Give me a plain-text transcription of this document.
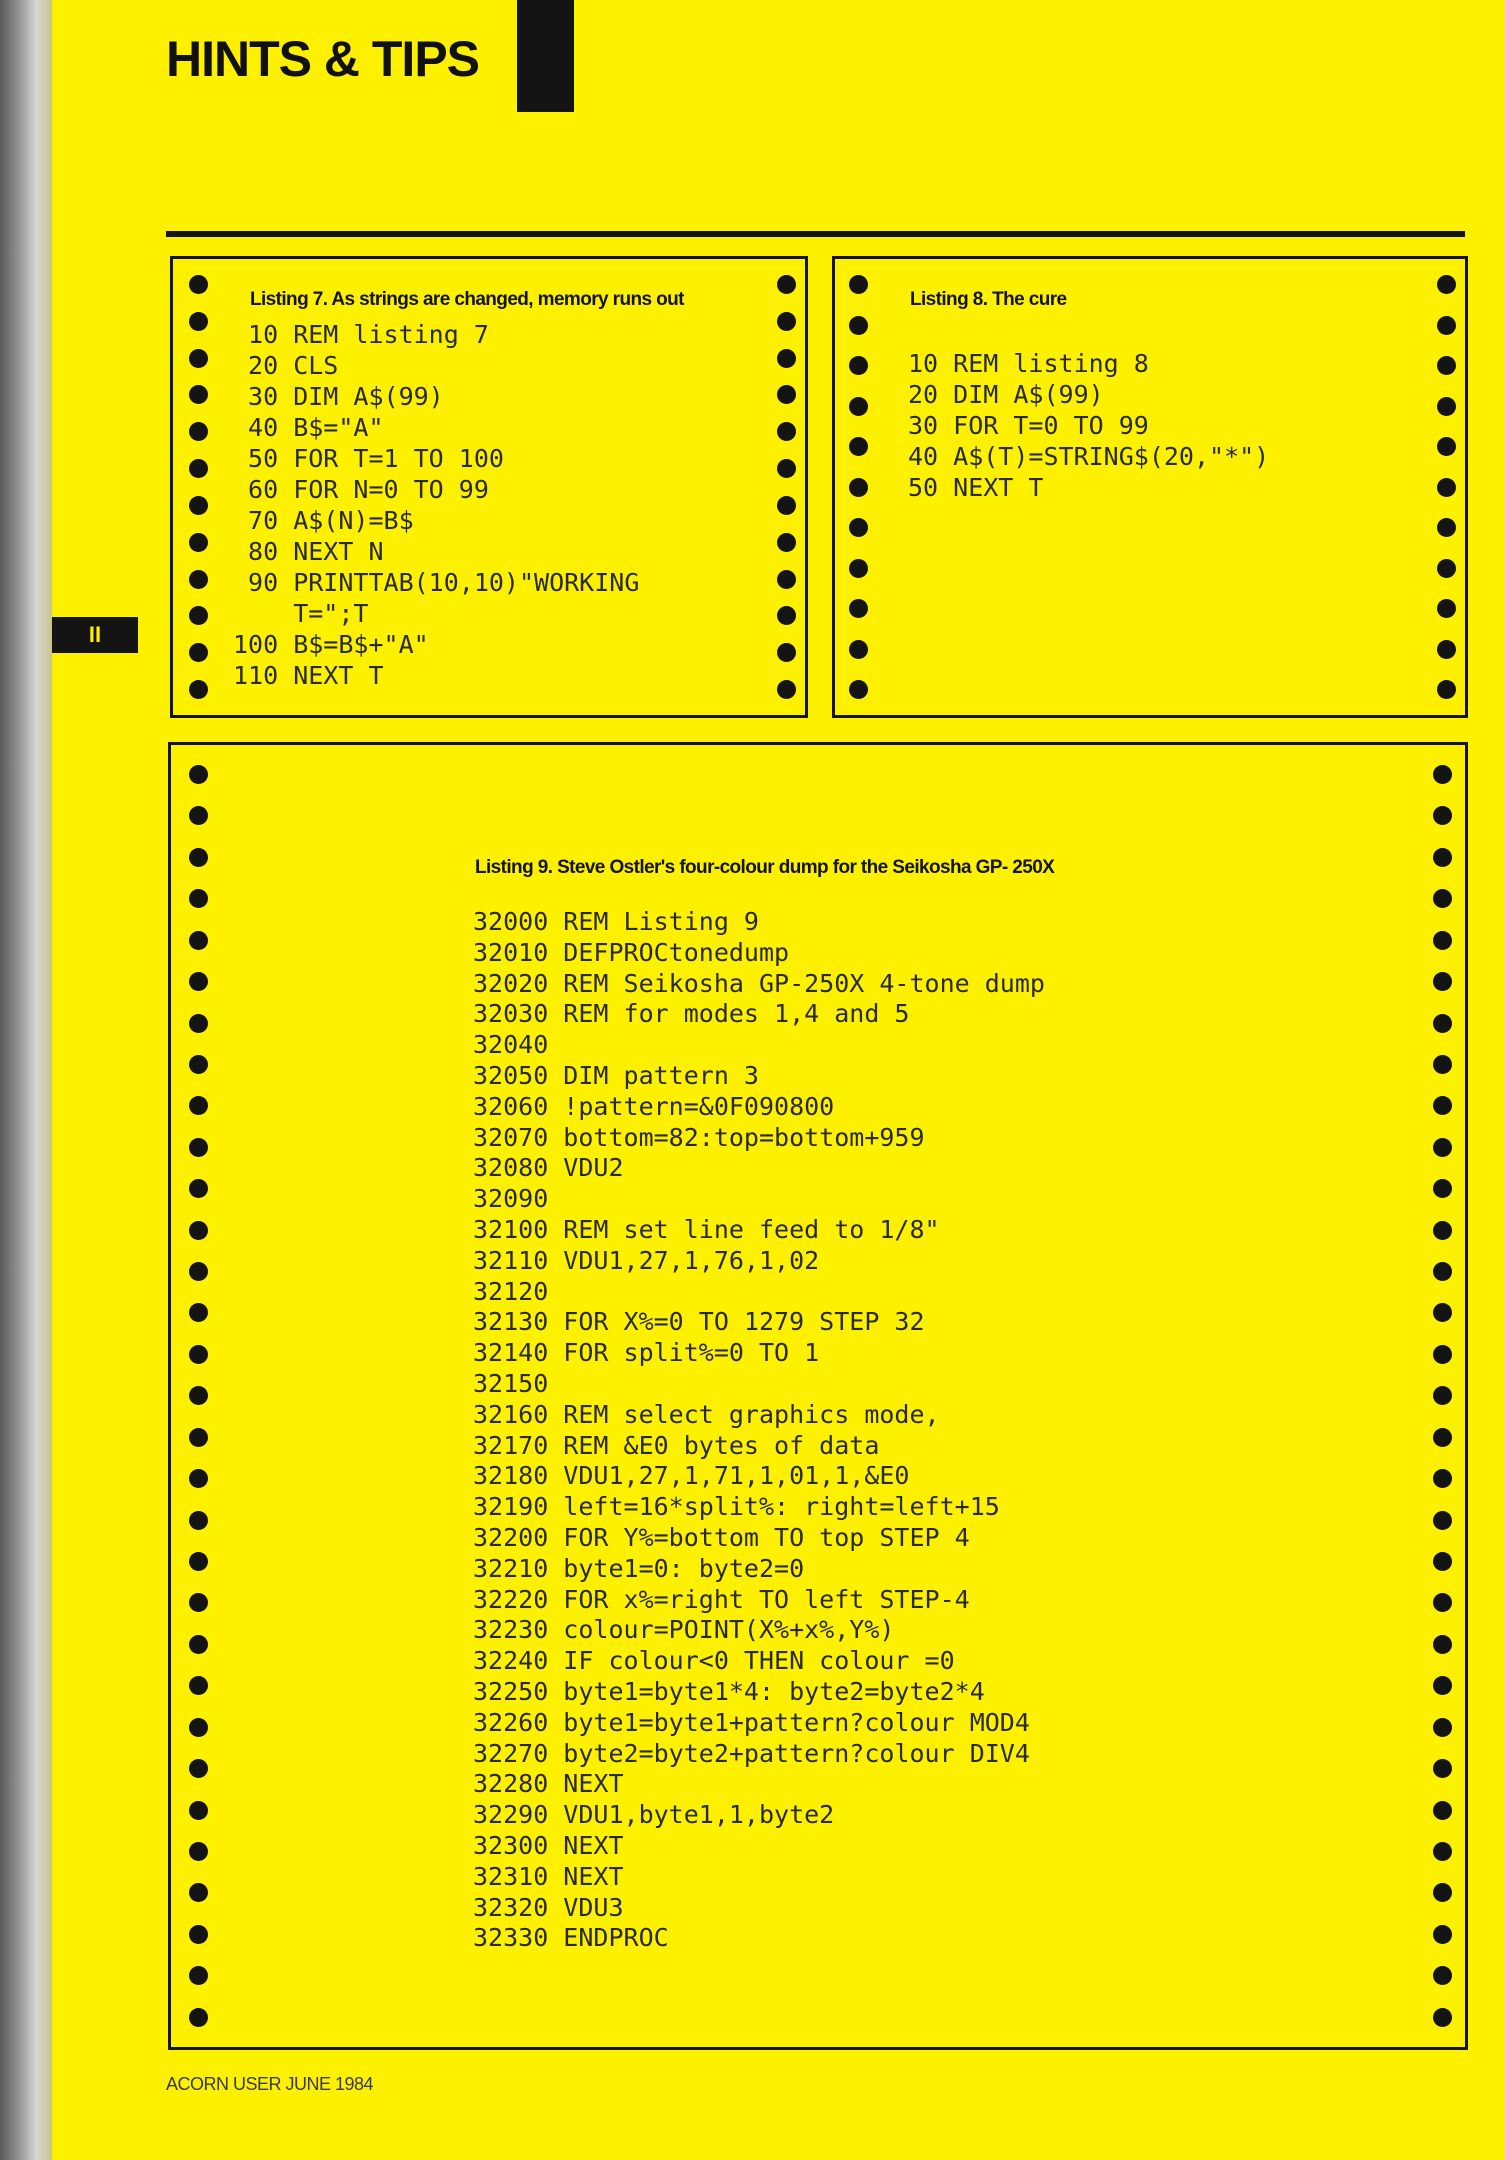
HINTS & TIPS
II
Listing 7. As strings are changed, memory runs out
10 REM listing 7
20 CLS
30 DIM A$(99)
40 B$="A"
50 FOR T=1 TO 100
60 FOR N=0 TO 99
70 A$(N)=B$
80 NEXT N
90 PRINTTAB(10,10)"WORKING
T=";T
100 B$=B$+"A"
110 NEXT T
Listing 8. The cure
10 REM listing 8
20 DIM A$(99)
30 FOR T=0 TO 99
40 A$(T)=STRING$(20,"*")
50 NEXT T
Listing 9. Steve Ostler's four-colour dump for the Seikosha GP- 250X
32000 REM Listing 9
32010 DEFPROCtonedump
32020 REM Seikosha GP-250X 4-tone dump
32030 REM for modes 1,4 and 5
32040
32050 DIM pattern 3
32060 !pattern=&0F090800
32070 bottom=82:top=bottom+959
32080 VDU2
32090
32100 REM set line feed to 1/8"
32110 VDU1,27,1,76,1,02
32120
32130 FOR X%=0 TO 1279 STEP 32
32140 FOR split%=0 TO 1
32150
32160 REM select graphics mode,
32170 REM &E0 bytes of data
32180 VDU1,27,1,71,1,01,1,&E0
32190 left=16*split%: right=left+15
32200 FOR Y%=bottom TO top STEP 4
32210 byte1=0: byte2=0
32220 FOR x%=right TO left STEP-4
32230 colour=POINT(X%+x%,Y%)
32240 IF colour<0 THEN colour =0
32250 byte1=byte1*4: byte2=byte2*4
32260 byte1=byte1+pattern?colour MOD4
32270 byte2=byte2+pattern?colour DIV4
32280 NEXT
32290 VDU1,byte1,1,byte2
32300 NEXT
32310 NEXT
32320 VDU3
32330 ENDPROC
ACORN USER JUNE 1984
